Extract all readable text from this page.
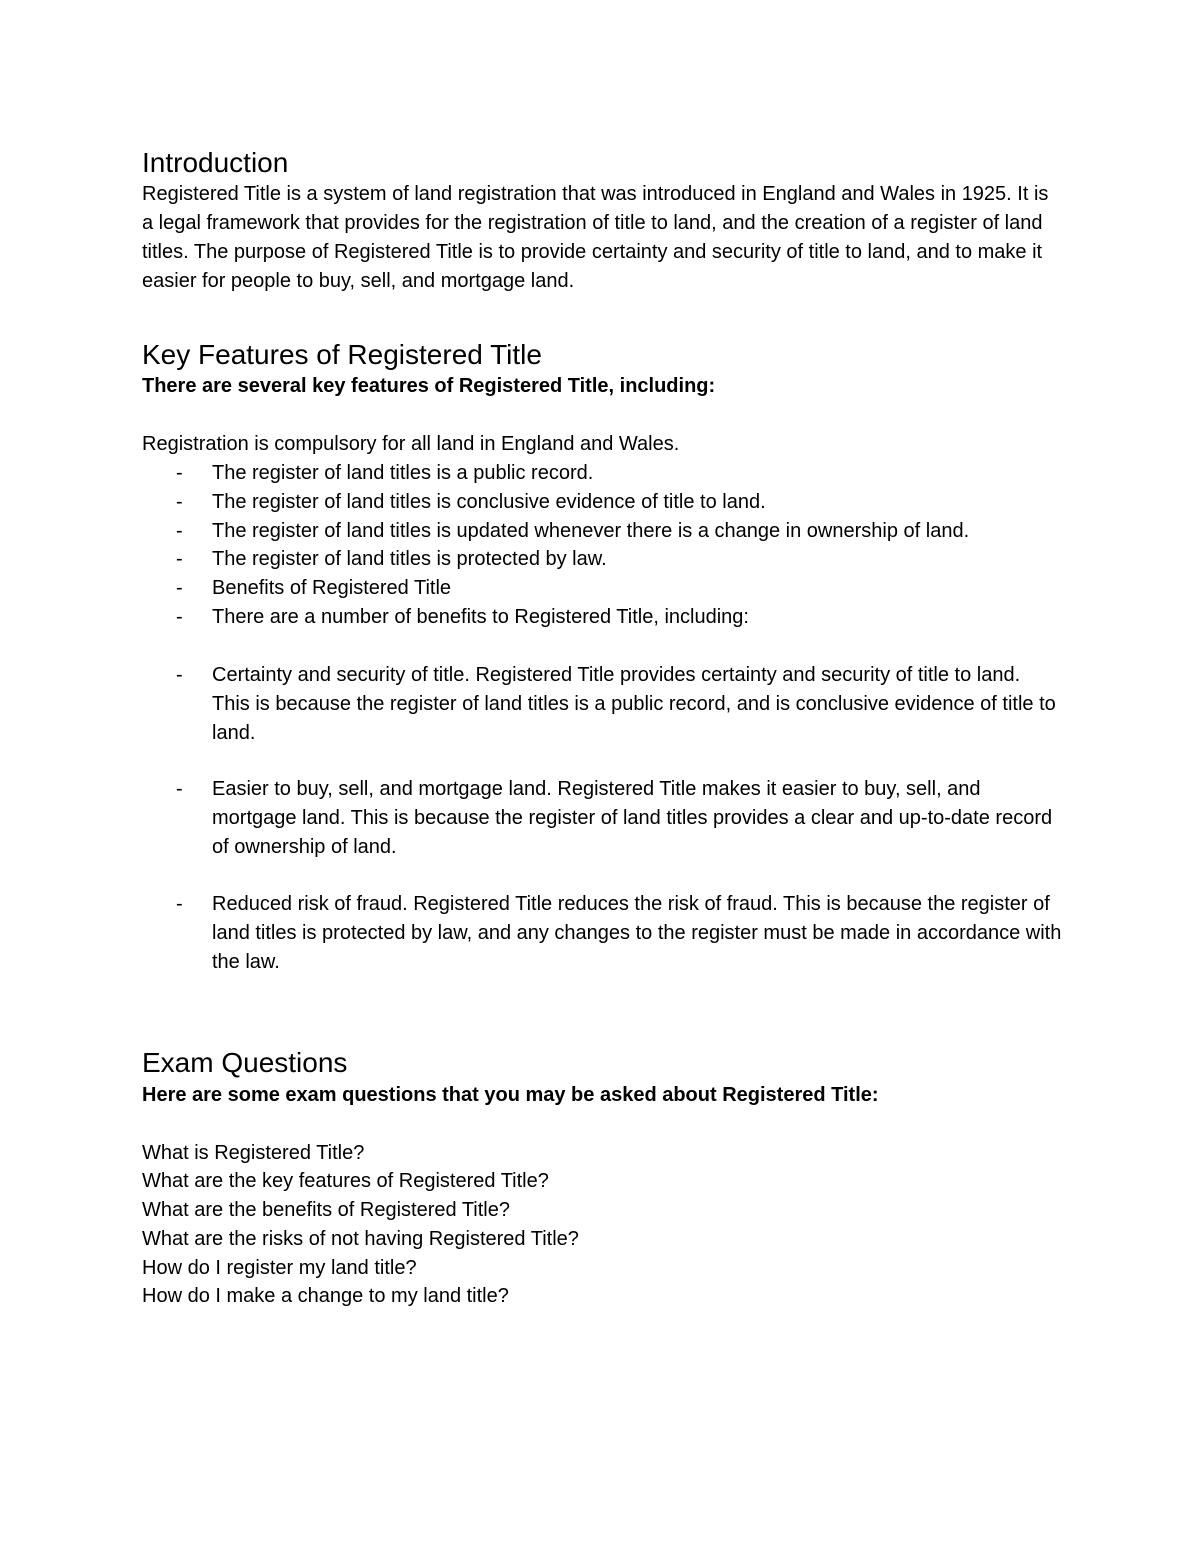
Introduction

Registered Title is a system of land registration that was introduced in England and Wales in 1925. It is a legal framework that provides for the registration of title to land, and the creation of a register of land titles. The purpose of Registered Title is to provide certainty and security of title to land, and to make it easier for people to buy, sell, and mortgage land.

Key Features of Registered Title

There are several key features of Registered Title, including:

Registration is compulsory for all land in England and Wales.

- The register of land titles is a public record.
- The register of land titles is conclusive evidence of title to land.
- The register of land titles is updated whenever there is a change in ownership of land.
- The register of land titles is protected by law.
- Benefits of Registered Title
- There are a number of benefits to Registered Title, including:
- Certainty and security of title. Registered Title provides certainty and security of title to land. This is because the register of land titles is a public record, and is conclusive evidence of title to land.
- Easier to buy, sell, and mortgage land. Registered Title makes it easier to buy, sell, and mortgage land. This is because the register of land titles provides a clear and up-to-date record of ownership of land.
- Reduced risk of fraud. Registered Title reduces the risk of fraud. This is because the register of land titles is protected by law, and any changes to the register must be made in accordance with the law.
Exam Questions

Here are some exam questions that you may be asked about Registered Title:

What is Registered Title?

What are the key features of Registered Title?

What are the benefits of Registered Title?

What are the risks of not having Registered Title?

How do I register my land title?

How do I make a change to my land title?
